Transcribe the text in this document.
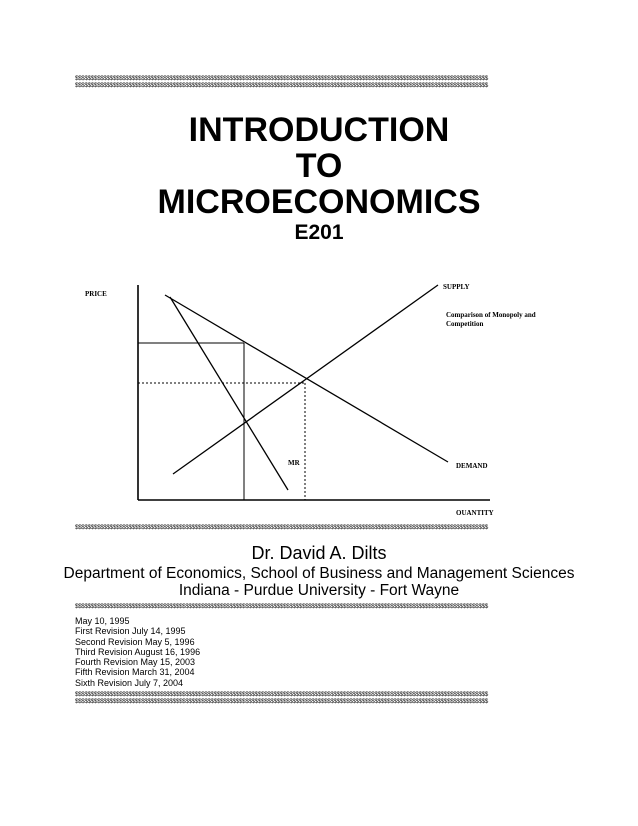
$$$$$$$$$$$$$$$$$$$$$$$$$$$$$$$$$$$$$$$$$$$$$$$$$$$$$$$$$$$$$$$$$$$$$$$$$$$$$$$$$$$$$$$$$$$$$$$$$$$$$$$$$$$$$$$$$$$$$$$$$$$$$$$$$$$
$$$$$$$$$$$$$$$$$$$$$$$$$$$$$$$$$$$$$$$$$$$$$$$$$$$$$$$$$$$$$$$$$$$$$$$$$$$$$$$$$$$$$$$$$$$$$$$$$$$$$$$$$$$$$$$$$$$$$$$$$$$$$$$$$$$
INTRODUCTION
TO
MICROECONOMICS
E201
PRICE
SUPPLY
Comparison of Monopoly and
Competition
MR	DEMAND
QUANTITY
$$$$$$$$$$$$$$$$$$$$$$$$$$$$$$$$$$$$$$$$$$$$$$$$$$$$$$$$$$$$$$$$$$$$$$$$$$$$$$$$$$$$$$$$$$$$$$$$$$$$$$$$$$$$$$$$$$$$$$$$$$$$$$$$$$$
Dr. David A. Dilts
Department of Economics, School of Business and Management Sciences
Indiana - Purdue University - Fort Wayne
$$$$$$$$$$$$$$$$$$$$$$$$$$$$$$$$$$$$$$$$$$$$$$$$$$$$$$$$$$$$$$$$$$$$$$$$$$$$$$$$$$$$$$$$$$$$$$$$$$$$$$$$$$$$$$$$$$$$$$$$$$$$$$$$$$$
May 10, 1995
First Revision July 14, 1995
Second Revision May 5, 1996
Third Revision August 16, 1996
Fourth Revision May 15, 2003
Fifth Revision March 31, 2004
Sixth Revision July 7, 2004
$$$$$$$$$$$$$$$$$$$$$$$$$$$$$$$$$$$$$$$$$$$$$$$$$$$$$$$$$$$$$$$$$$$$$$$$$$$$$$$$$$$$$$$$$$$$$$$$$$$$$$$$$$$$$$$$$$$$$$$$$$$$$$$$$$$
$$$$$$$$$$$$$$$$$$$$$$$$$$$$$$$$$$$$$$$$$$$$$$$$$$$$$$$$$$$$$$$$$$$$$$$$$$$$$$$$$$$$$$$$$$$$$$$$$$$$$$$$$$$$$$$$$$$$$$$$$$$$$$$$$$$
